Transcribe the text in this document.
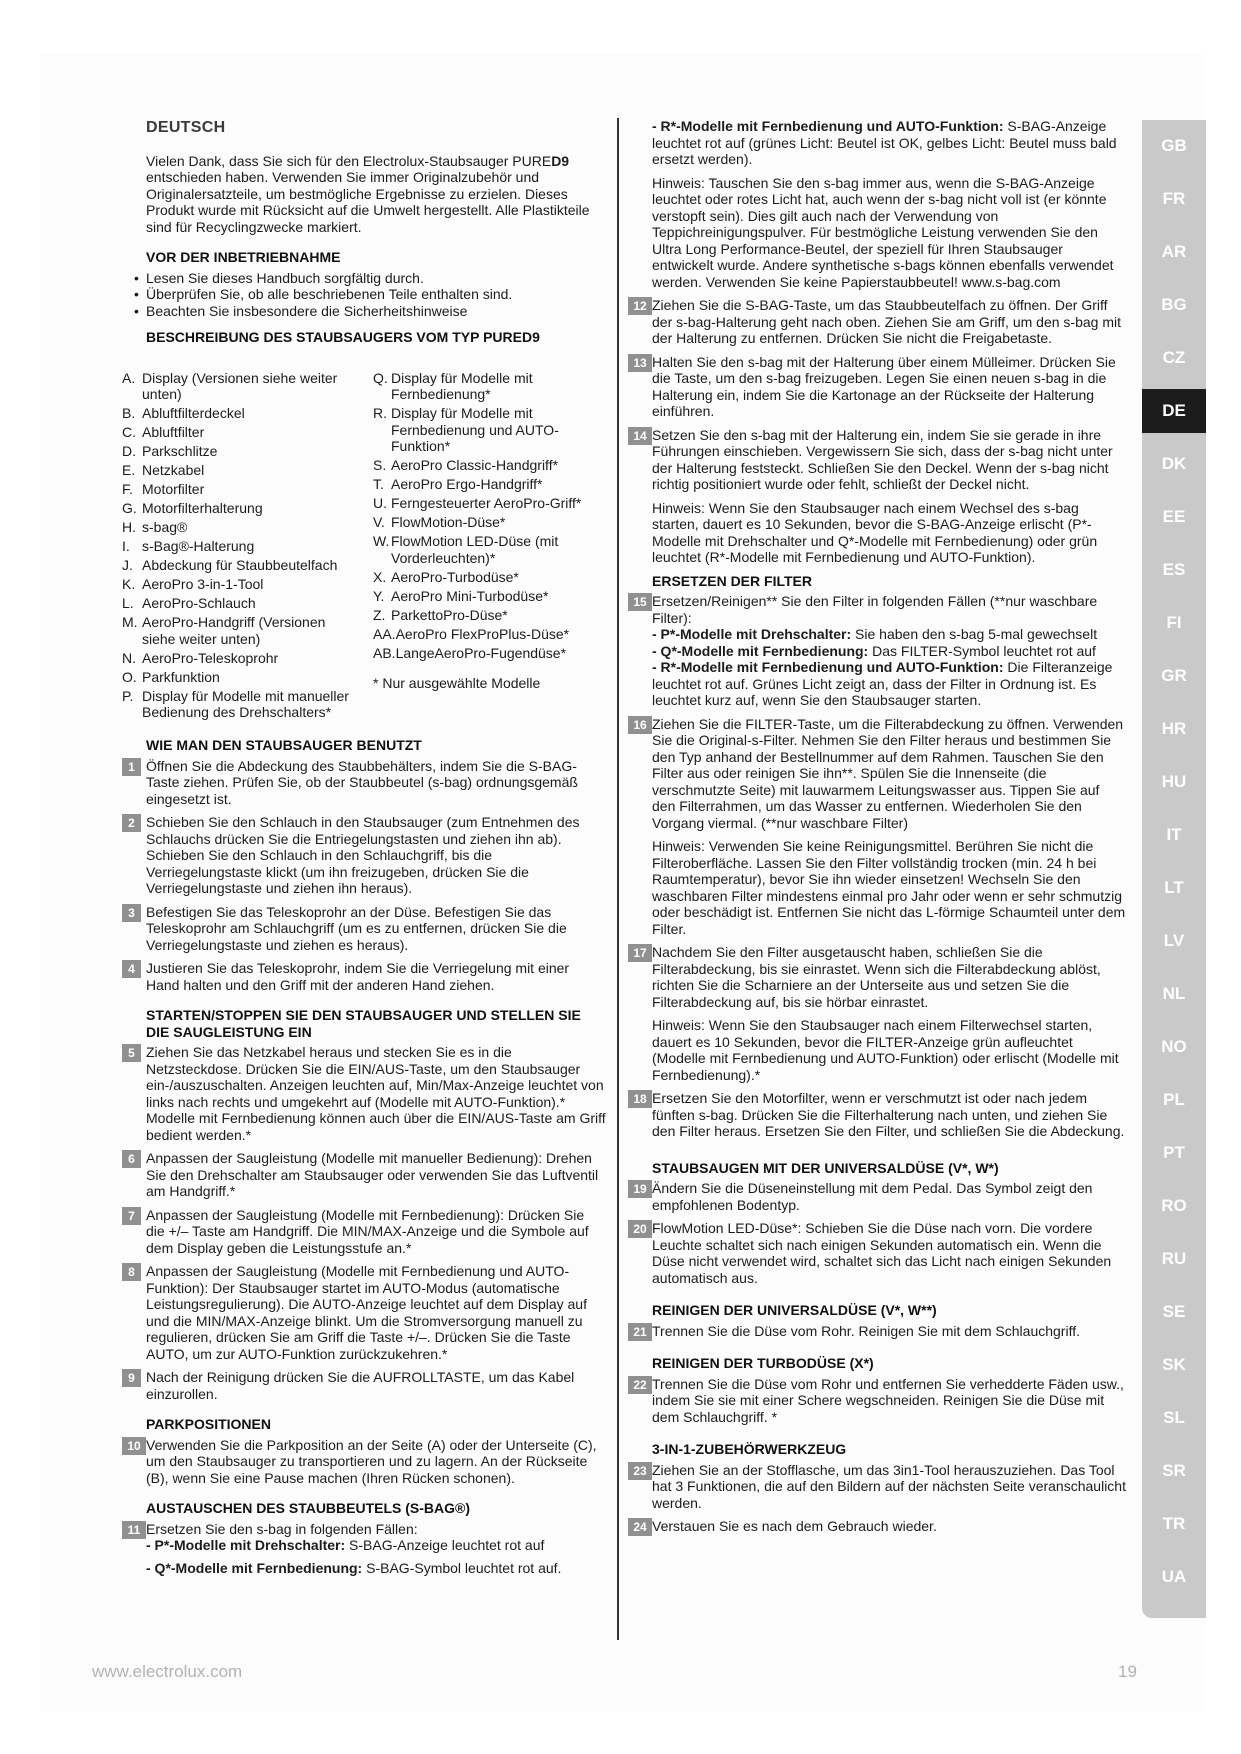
DEUTSCH
Vielen Dank, dass Sie sich für den Electrolux-Staubsauger PURED9 entschieden haben. Verwenden Sie immer Originalzubehör und Originalersatzteile, um bestmögliche Ergebnisse zu erzielen. Dieses Produkt wurde mit Rücksicht auf die Umwelt hergestellt. Alle Plastikteile sind für Recyclingzwecke markiert.
VOR DER INBETRIEBNAHME
• Lesen Sie dieses Handbuch sorgfältig durch.
• Überprüfen Sie, ob alle beschriebenen Teile enthalten sind.
• Beachten Sie insbesondere die Sicherheitshinweise
BESCHREIBUNG DES STAUBSAUGERS VOM TYP PURED9
A. Display (Versionen siehe weiter unten)
B. Abluftfilterdeckel
C. Abluftfilter
D. Parkschlitze
E. Netzkabel
F. Motorfilter
G. Motorfilterhalterung
H. s-bag®
I. s-Bag®-Halterung
J. Abdeckung für Staubbeutelfach
K. AeroPro 3-in-1-Tool
L. AeroPro-Schlauch
M. AeroPro-Handgriff (Versionen siehe weiter unten)
N. AeroPro-Teleskoprohr
O. Parkfunktion
P. Display für Modelle mit manueller Bedienung des Drehschalters*
Q. Display für Modelle mit Fernbedienung*
R. Display für Modelle mit Fernbedienung und AUTO-Funktion*
S. AeroPro Classic-Handgriff*
T. AeroPro Ergo-Handgriff*
U. Ferngesteuerter AeroPro-Griff*
V. FlowMotion-Düse*
W. FlowMotion LED-Düse (mit Vorderleuchten)*
X. AeroPro-Turbodüse*
Y. AeroPro Mini-Turbodüse*
Z. ParkettoPro-Düse*
AA. AeroPro FlexProPlus-Düse*
AB. LangeAeroPro-Fugendüse*
* Nur ausgewählte Modelle
WIE MAN DEN STAUBSAUGER BENUTZT
1 Öffnen Sie die Abdeckung des Staubbehälters, indem Sie die S-BAG-Taste ziehen. Prüfen Sie, ob der Staubbeutel (s-bag) ordnungsgemäß eingesetzt ist.
2 Schieben Sie den Schlauch in den Staubsauger (zum Entnehmen des Schlauchs drücken Sie die Entriegelungstasten und ziehen ihn ab). Schieben Sie den Schlauch in den Schlauchgriff, bis die Verriegelungstaste klickt (um ihn freizugeben, drücken Sie die Verriegelungstaste und ziehen ihn heraus).
3 Befestigen Sie das Teleskoprohr an der Düse. Befestigen Sie das Teleskoprohr am Schlauchgriff (um es zu entfernen, drücken Sie die Verriegelungstaste und ziehen es heraus).
4 Justieren Sie das Teleskoprohr, indem Sie die Verriegelung mit einer Hand halten und den Griff mit der anderen Hand ziehen.
STARTEN/STOPPEN SIE DEN STAUBSAUGER UND STELLEN SIE DIE SAUGLEISTUNG EIN
5 Ziehen Sie das Netzkabel heraus und stecken Sie es in die Netzsteckdose. Drücken Sie die EIN/AUS-Taste, um den Staubsauger ein-/auszuschalten. Anzeigen leuchten auf, Min/Max-Anzeige leuchtet von links nach rechts und umgekehrt auf (Modelle mit AUTO-Funktion).* Modelle mit Fernbedienung können auch über die EIN/AUS-Taste am Griff bedient werden.*
6 Anpassen der Saugleistung (Modelle mit manueller Bedienung): Drehen Sie den Drehschalter am Staubsauger oder verwenden Sie das Luftventil am Handgriff.*
7 Anpassen der Saugleistung (Modelle mit Fernbedienung): Drücken Sie die +/– Taste am Handgriff. Die MIN/MAX-Anzeige und die Symbole auf dem Display geben die Leistungsstufe an.*
8 Anpassen der Saugleistung (Modelle mit Fernbedienung und AUTO-Funktion): Der Staubsauger startet im AUTO-Modus (automatische Leistungsregulierung). Die AUTO-Anzeige leuchtet auf dem Display auf und die MIN/MAX-Anzeige blinkt. Um die Stromversorgung manuell zu regulieren, drücken Sie am Griff die Taste +/–. Drücken Sie die Taste AUTO, um zur AUTO-Funktion zurückzukehren.*
9 Nach der Reinigung drücken Sie die AUFROLLTASTE, um das Kabel einzurollen.
PARKPOSITIONEN
10 Verwenden Sie die Parkposition an der Seite (A) oder der Unterseite (C), um den Staubsauger zu transportieren und zu lagern. An der Rückseite (B), wenn Sie eine Pause machen (Ihren Rücken schonen).
AUSTAUSCHEN DES STAUBBEUTELS (S-BAG®)
11 Ersetzen Sie den s-bag in folgenden Fällen:
- P*-Modelle mit Drehschalter: S-BAG-Anzeige leuchtet rot auf
- Q*-Modelle mit Fernbedienung: S-BAG-Symbol leuchtet rot auf.
- R*-Modelle mit Fernbedienung und AUTO-Funktion: S-BAG-Anzeige leuchtet rot auf (grünes Licht: Beutel ist OK, gelbes Licht: Beutel muss bald ersetzt werden).
Hinweis: Tauschen Sie den s-bag immer aus, wenn die S-BAG-Anzeige leuchtet oder rotes Licht hat, auch wenn der s-bag nicht voll ist (er könnte verstopft sein). Dies gilt auch nach der Verwendung von Teppichreinigungspulver. Für bestmögliche Leistung verwenden Sie den Ultra Long Performance-Beutel, der speziell für Ihren Staubsauger entwickelt wurde. Andere synthetische s-bags können ebenfalls verwendet werden. Verwenden Sie keine Papierstaubbeutel! www.s-bag.com
12 Ziehen Sie die S-BAG-Taste, um das Staubbeutelfach zu öffnen. Der Griff der s-bag-Halterung geht nach oben. Ziehen Sie am Griff, um den s-bag mit der Halterung zu entfernen. Drücken Sie nicht die Freigabetaste.
13 Halten Sie den s-bag mit der Halterung über einem Mülleimer. Drücken Sie die Taste, um den s-bag freizugeben. Legen Sie einen neuen s-bag in die Halterung ein, indem Sie die Kartonage an der Rückseite der Halterung einführen.
14 Setzen Sie den s-bag mit der Halterung ein, indem Sie sie gerade in ihre Führungen einschieben. Vergewissern Sie sich, dass der s-bag nicht unter der Halterung feststeckt. Schließen Sie den Deckel. Wenn der s-bag nicht richtig positioniert wurde oder fehlt, schließt der Deckel nicht.
Hinweis: Wenn Sie den Staubsauger nach einem Wechsel des s-bag starten, dauert es 10 Sekunden, bevor die S-BAG-Anzeige erlischt (P*-Modelle mit Drehschalter und Q*-Modelle mit Fernbedienung) oder grün leuchtet (R*-Modelle mit Fernbedienung und AUTO-Funktion).
ERSETZEN DER FILTER
15 Ersetzen/Reinigen** Sie den Filter in folgenden Fällen (**nur waschbare Filter):
- P*-Modelle mit Drehschalter: Sie haben den s-bag 5-mal gewechselt
- Q*-Modelle mit Fernbedienung: Das FILTER-Symbol leuchtet rot auf
- R*-Modelle mit Fernbedienung und AUTO-Funktion: Die Filteranzeige leuchtet rot auf. Grünes Licht zeigt an, dass der Filter in Ordnung ist. Es leuchtet kurz auf, wenn Sie den Staubsauger starten.
16 Ziehen Sie die FILTER-Taste, um die Filterabdeckung zu öffnen. Verwenden Sie die Original-s-Filter. Nehmen Sie den Filter heraus und bestimmen Sie den Typ anhand der Bestellnummer auf dem Rahmen. Tauschen Sie den Filter aus oder reinigen Sie ihn**. Spülen Sie die Innenseite (die verschmutzte Seite) mit lauwarmem Leitungswasser aus. Tippen Sie auf den Filterrahmen, um das Wasser zu entfernen. Wiederholen Sie den Vorgang viermal. (**nur waschbare Filter)
Hinweis: Verwenden Sie keine Reinigungsmittel. Berühren Sie nicht die Filteroberfläche. Lassen Sie den Filter vollständig trocken (min. 24 h bei Raumtemperatur), bevor Sie ihn wieder einsetzen! Wechseln Sie den waschbaren Filter mindestens einmal pro Jahr oder wenn er sehr schmutzig oder beschädigt ist. Entfernen Sie nicht das L-förmige Schaumteil unter dem Filter.
17 Nachdem Sie den Filter ausgetauscht haben, schließen Sie die Filterabdeckung, bis sie einrastet. Wenn sich die Filterabdeckung ablöst, richten Sie die Scharniere an der Unterseite aus und setzen Sie die Filterabdeckung auf, bis sie hörbar einrastet.
Hinweis: Wenn Sie den Staubsauger nach einem Filterwechsel starten, dauert es 10 Sekunden, bevor die FILTER-Anzeige grün aufleuchtet (Modelle mit Fernbedienung und AUTO-Funktion) oder erlischt (Modelle mit Fernbedienung).*
18 Ersetzen Sie den Motorfilter, wenn er verschmutzt ist oder nach jedem fünften s-bag. Drücken Sie die Filterhalterung nach unten, und ziehen Sie den Filter heraus. Ersetzen Sie den Filter, und schließen Sie die Abdeckung.
STAUBSAUGEN MIT DER UNIVERSALDÜSE (V*, W*)
19 Ändern Sie die Düseneinstellung mit dem Pedal. Das Symbol zeigt den empfohlenen Bodentyp.
20 FlowMotion LED-Düse*: Schieben Sie die Düse nach vorn. Die vordere Leuchte schaltet sich nach einigen Sekunden automatisch ein. Wenn die Düse nicht verwendet wird, schaltet sich das Licht nach einigen Sekunden automatisch aus.
REINIGEN DER UNIVERSALDÜSE (V*, W**)
21 Trennen Sie die Düse vom Rohr. Reinigen Sie mit dem Schlauchgriff.
REINIGEN DER TURBODÜSE (X*)
22 Trennen Sie die Düse vom Rohr und entfernen Sie verhedderte Fäden usw., indem Sie sie mit einer Schere wegschneiden. Reinigen Sie die Düse mit dem Schlauchgriff. *
3-IN-1-ZUBEHÖRWERKZEUG
23 Ziehen Sie an der Stofflasche, um das 3in1-Tool herauszuziehen. Das Tool hat 3 Funktionen, die auf den Bildern auf der nächsten Seite veranschaulicht werden.
24 Verstauen Sie es nach dem Gebrauch wieder.
GB
FR
AR
BG
CZ
DE
DK
EE
ES
FI
GR
HR
HU
IT
LT
LV
NL
NO
PL
PT
RO
RU
SE
SK
SL
SR
TR
UA
www.electrolux.com	19
